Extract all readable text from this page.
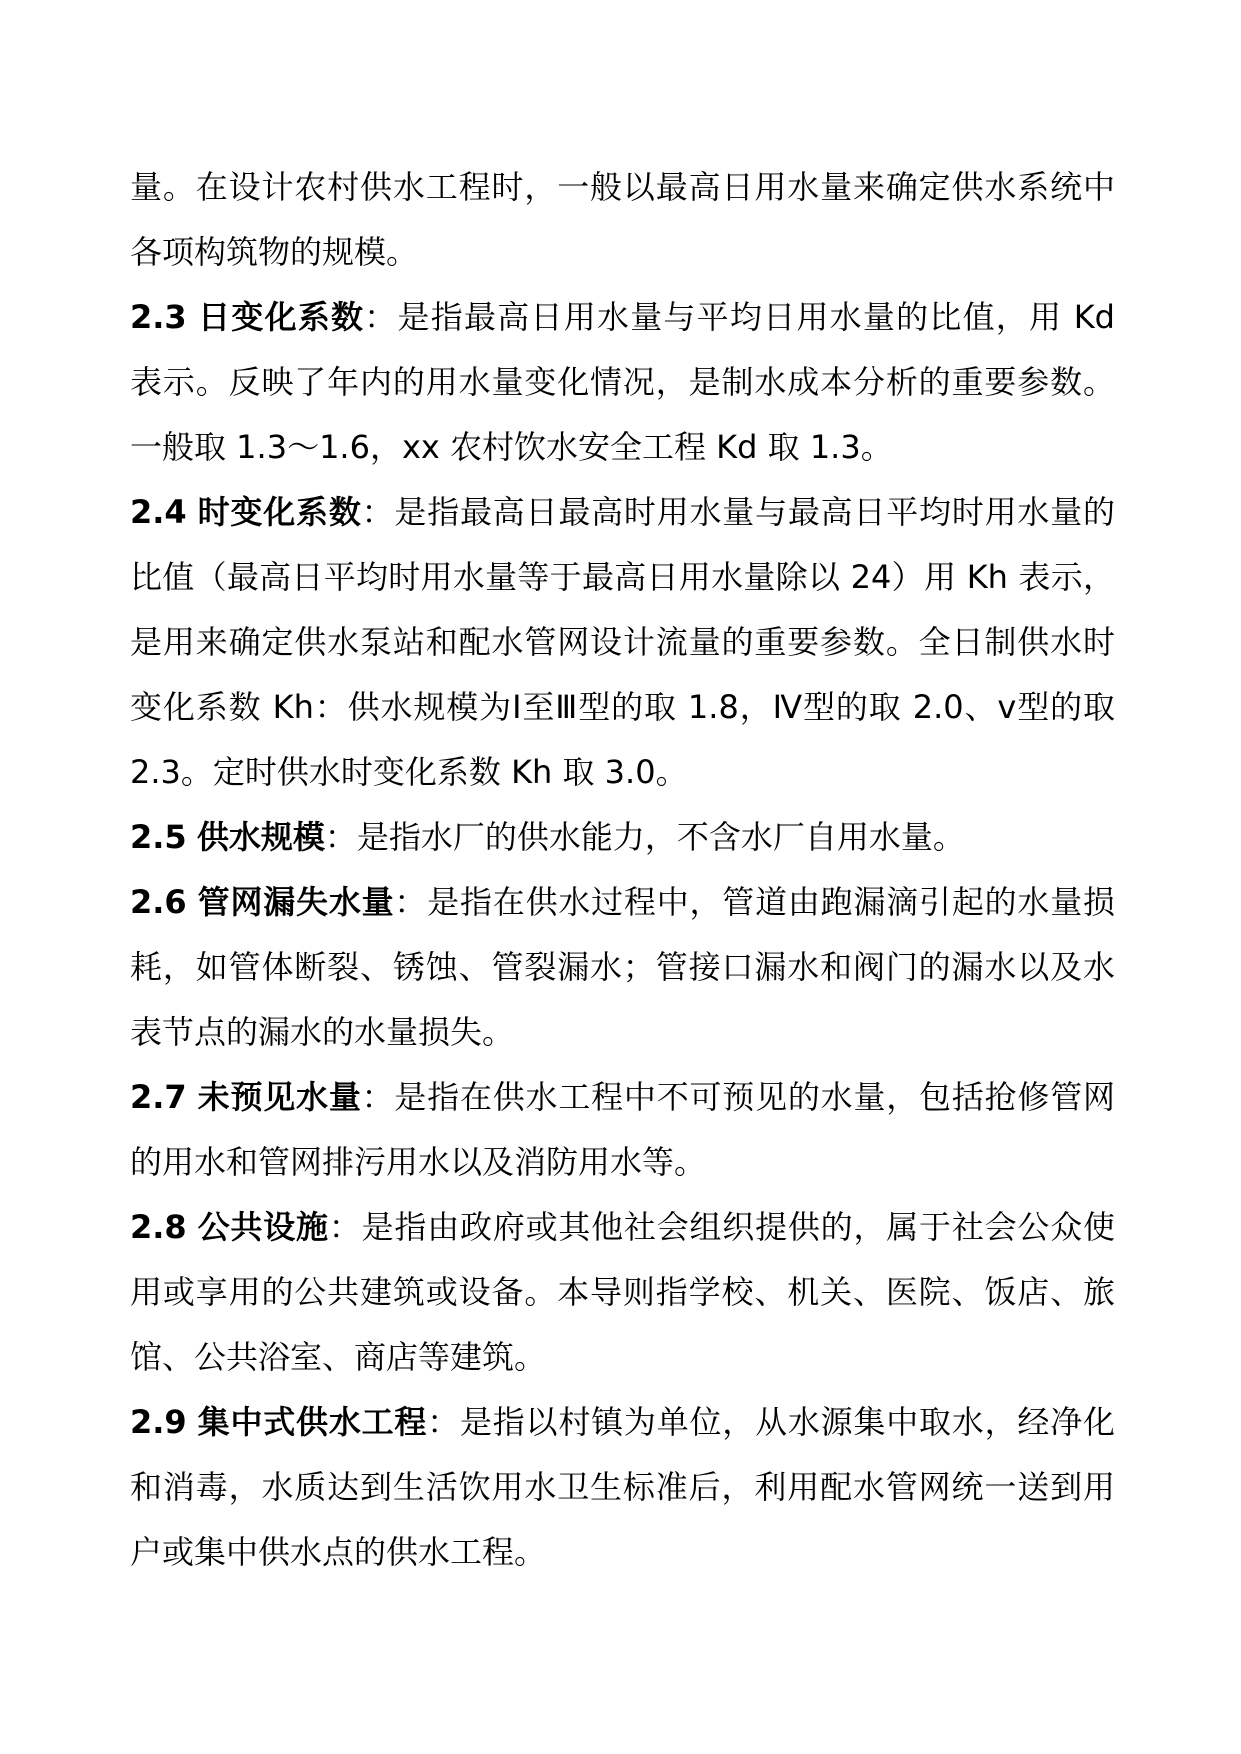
量。在设计农村供水工程时，一般以最高日用水量来确定供水系统中各项构筑物的规模。

2.3 日变化系数：是指最高日用水量与平均日用水量的比值，用 Kd 表示。反映了年内的用水量变化情况，是制水成本分析的重要参数。一般取 1.3～1.6，xx 农村饮水安全工程 Kd 取 1.3。

2.4 时变化系数：是指最高日最高时用水量与最高日平均时用水量的比值（最高日平均时用水量等于最高日用水量除以 24）用 Kh 表示，是用来确定供水泵站和配水管网设计流量的重要参数。全日制供水时变化系数 Kh：供水规模为Ⅰ至Ⅲ型的取 1.8，Ⅳ型的取 2.0、ⅴ型的取 2.3。定时供水时变化系数 Kh 取 3.0。

2.5 供水规模：是指水厂的供水能力，不含水厂自用水量。

2.6 管网漏失水量：是指在供水过程中，管道由跑漏滴引起的水量损耗，如管体断裂、锈蚀、管裂漏水；管接口漏水和阀门的漏水以及水表节点的漏水的水量损失。

2.7 未预见水量：是指在供水工程中不可预见的水量，包括抢修管网的用水和管网排污用水以及消防用水等。

2.8 公共设施：是指由政府或其他社会组织提供的，属于社会公众使用或享用的公共建筑或设备。本导则指学校、机关、医院、饭店、旅馆、公共浴室、商店等建筑。

2.9 集中式供水工程：是指以村镇为单位，从水源集中取水，经净化和消毒，水质达到生活饮用水卫生标准后，利用配水管网统一送到用户或集中供水点的供水工程。
